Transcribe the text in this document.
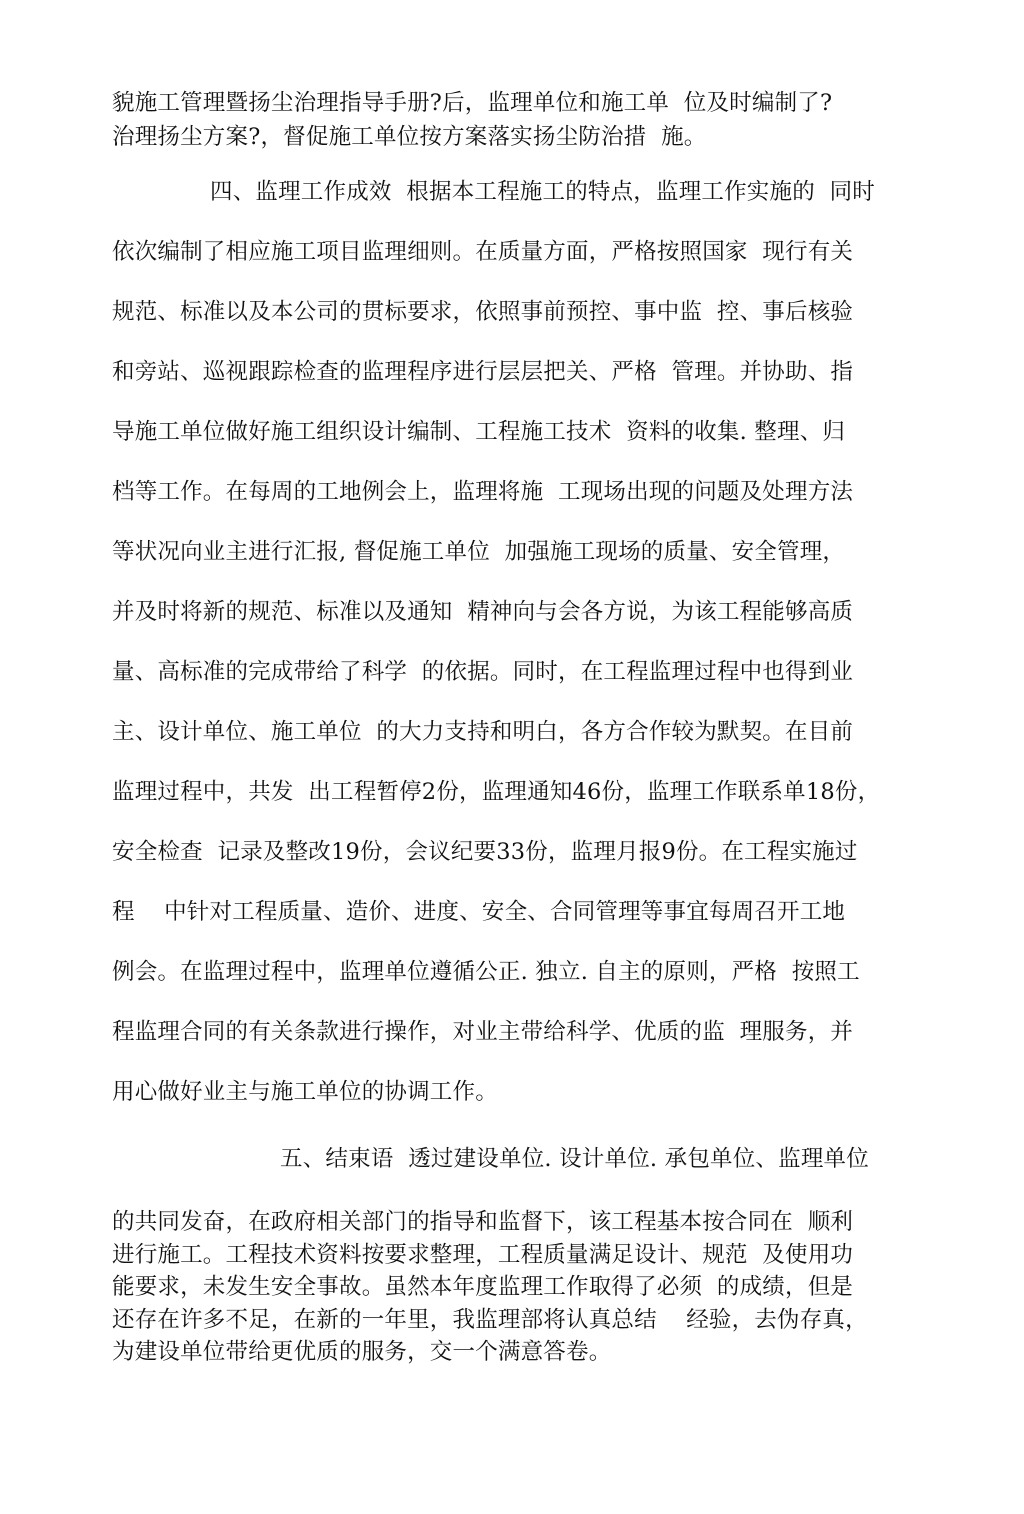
貌施工管理暨扬尘治理指导手册?后，监理单位和施工单  位及时编制了?
治理扬尘方案?，督促施工单位按方案落实扬尘防治措  施。
四、监理工作成效  根据本工程施工的特点，监理工作实施的  同时
依次编制了相应施工项目监理细则。在质量方面，严格按照国家  现行有关
规范、标准以及本公司的贯标要求，依照事前预控、事中监  控、事后核验
和旁站、巡视跟踪检查的监理程序进行层层把关、严格  管理。并协助、指
导施工单位做好施工组织设计编制、工程施工技术  资料的收集. 整理、归
档等工作。在每周的工地例会上，监理将施  工现场出现的问题及处理方法
等状况向业主进行汇报, 督促施工单位  加强施工现场的质量、安全管理，
并及时将新的规范、标准以及通知  精神向与会各方说，为该工程能够高质
量、高标准的完成带给了科学  的依据。同时，在工程监理过程中也得到业
主、设计单位、施工单位  的大力支持和明白，各方合作较为默契。在目前
监理过程中，共发  出工程暂停2份，监理通知46份，监理工作联系单18份，
安全检查  记录及整改19份，会议纪要33份，监理月报9份。在工程实施过
程    中针对工程质量、造价、进度、安全、合同管理等事宜每周召开工地
例会。在监理过程中，监理单位遵循公正. 独立. 自主的原则，严格  按照工
程监理合同的有关条款进行操作，对业主带给科学、优质的监  理服务，并
用心做好业主与施工单位的协调工作。
五、结束语  透过建设单位. 设计单位. 承包单位、监理单位
的共同发奋，在政府相关部门的指导和监督下，该工程基本按合同在  顺利
进行施工。工程技术资料按要求整理，工程质量满足设计、规范  及使用功
能要求，未发生安全事故。虽然本年度监理工作取得了必须  的成绩，但是
还存在许多不足，在新的一年里，我监理部将认真总结    经验，去伪存真，
为建设单位带给更优质的服务，交一个满意答卷。
